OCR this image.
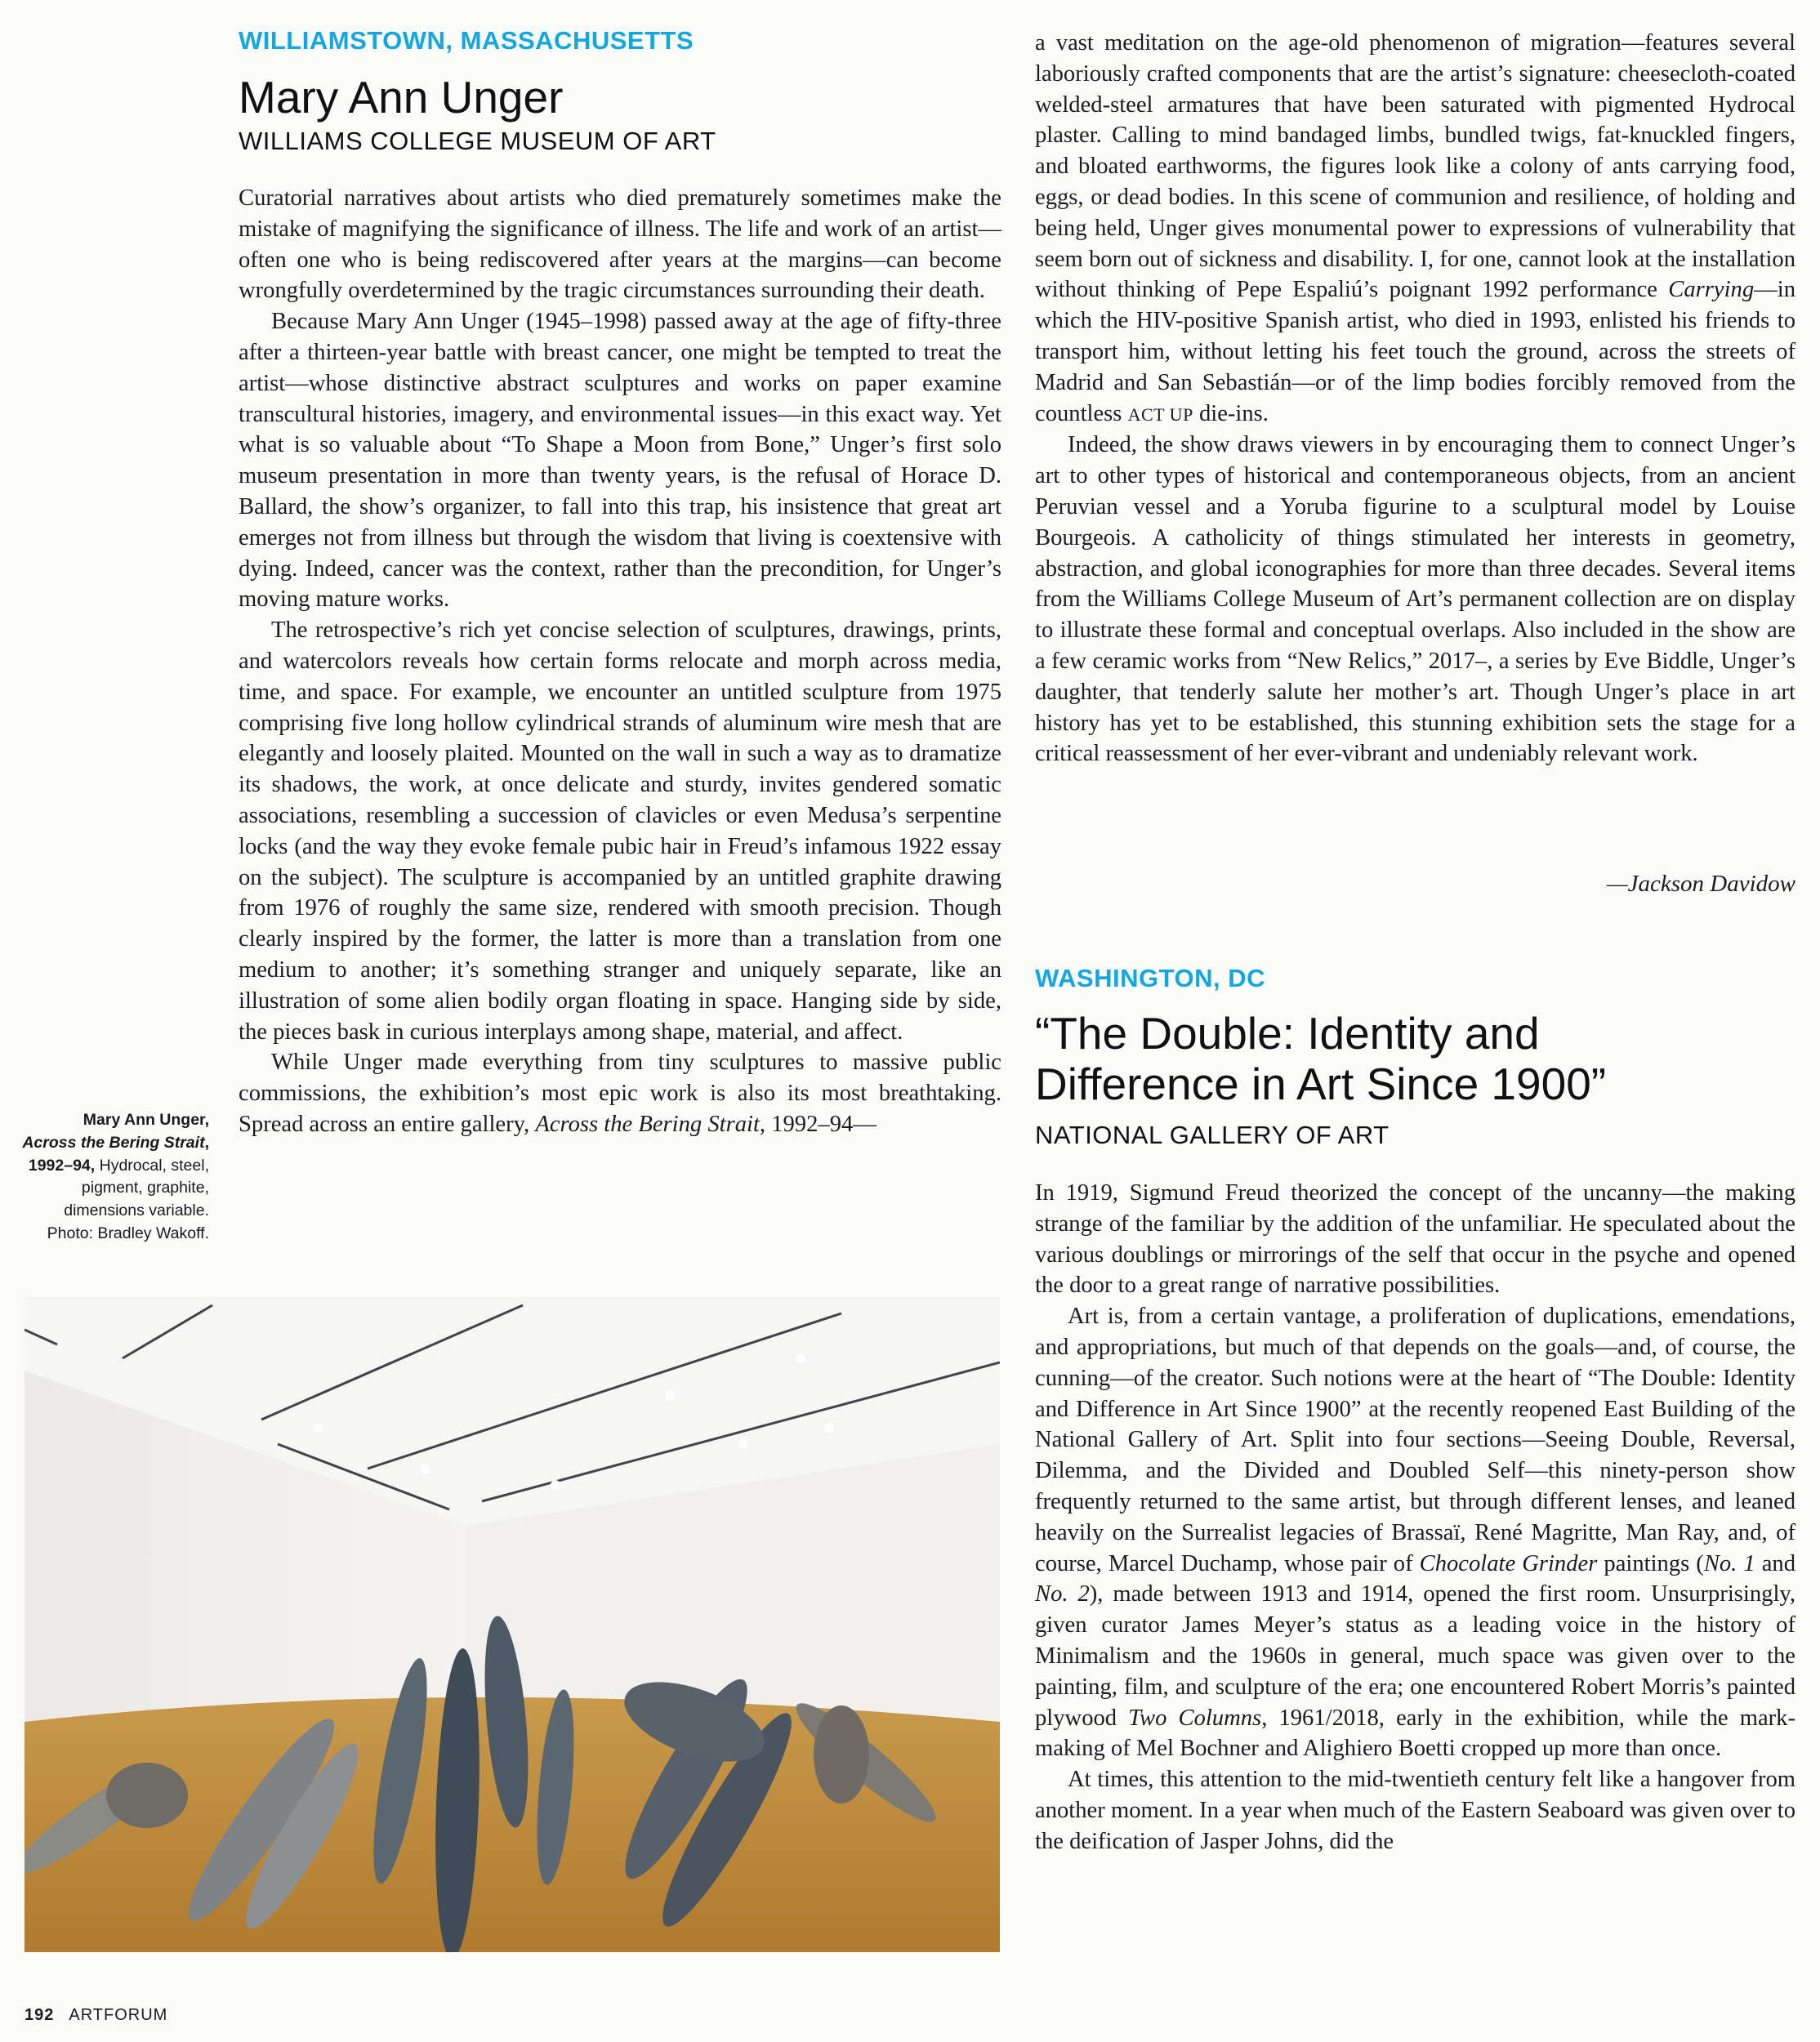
WILLIAMSTOWN, MASSACHUSETTS
Mary Ann Unger
WILLIAMS COLLEGE MUSEUM OF ART

Curatorial narratives about artists who died prematurely sometimes make the mistake of magnifying the significance of illness. The life and work of an artist—often one who is being rediscovered after years at the margins—can become wrongfully overdetermined by the tragic circumstances surrounding their death.

Because Mary Ann Unger (1945–1998) passed away at the age of fifty-three after a thirteen-year battle with breast cancer, one might be tempted to treat the artist—whose distinctive abstract sculptures and works on paper examine transcultural histories, imagery, and environmental issues—in this exact way. Yet what is so valuable about “To Shape a Moon from Bone,” Unger’s first solo museum presentation in more than twenty years, is the refusal of Horace D. Ballard, the show’s organizer, to fall into this trap, his insistence that great art emerges not from illness but through the wisdom that living is coextensive with dying. Indeed, cancer was the context, rather than the precondition, for Unger’s moving mature works.

The retrospective’s rich yet concise selection of sculptures, drawings, prints, and watercolors reveals how certain forms relocate and morph across media, time, and space. For example, we encounter an untitled sculpture from 1975 comprising five long hollow cylindrical strands of aluminum wire mesh that are elegantly and loosely plaited. Mounted on the wall in such a way as to dramatize its shadows, the work, at once delicate and sturdy, invites gendered somatic associations, resembling a succession of clavicles or even Medusa’s serpentine locks (and the way they evoke female pubic hair in Freud’s infamous 1922 essay on the subject). The sculpture is accompanied by an untitled graphite drawing from 1976 of roughly the same size, rendered with smooth precision. Though clearly inspired by the former, the latter is more than a translation from one medium to another; it’s something stranger and uniquely separate, like an illustration of some alien bodily organ floating in space. Hanging side by side, the pieces bask in curious interplays among shape, material, and affect.

While Unger made everything from tiny sculptures to massive public commissions, the exhibition’s most epic work is also its most breathtaking. Spread across an entire gallery, Across the Bering Strait, 1992–94—

Mary Ann Unger,
Across the Bering Strait, 1992–94, Hydrocal, steel, pigment, graphite, dimensions variable. Photo: Bradley Wakoff.

a vast meditation on the age-old phenomenon of migration—features several laboriously crafted components that are the artist’s signature: cheesecloth-coated welded-steel armatures that have been saturated with pigmented Hydrocal plaster. Calling to mind bandaged limbs, bundled twigs, fat-knuckled fingers, and bloated earthworms, the figures look like a colony of ants carrying food, eggs, or dead bodies. In this scene of communion and resilience, of holding and being held, Unger gives monumental power to expressions of vulnerability that seem born out of sickness and disability. I, for one, cannot look at the installation without thinking of Pepe Espaliú’s poignant 1992 performance Carrying—in which the HIV-positive Spanish artist, who died in 1993, enlisted his friends to transport him, without letting his feet touch the ground, across the streets of Madrid and San Sebastián—or of the limp bodies forcibly removed from the countless ACT UP die-ins.

Indeed, the show draws viewers in by encouraging them to connect Unger’s art to other types of historical and contemporaneous objects, from an ancient Peruvian vessel and a Yoruba figurine to a sculptural model by Louise Bourgeois. A catholicity of things stimulated her interests in geometry, abstraction, and global iconographies for more than three decades. Several items from the Williams College Museum of Art’s permanent collection are on display to illustrate these formal and conceptual overlaps. Also included in the show are a few ceramic works from “New Relics,” 2017–, a series by Eve Biddle, Unger’s daughter, that tenderly salute her mother’s art. Though Unger’s place in art history has yet to be established, this stunning exhibition sets the stage for a critical reassessment of her ever-vibrant and undeniably relevant work.

—Jackson Davidow
WASHINGTON, DC
“The Double: Identity and Difference in Art Since 1900”
NATIONAL GALLERY OF ART

In 1919, Sigmund Freud theorized the concept of the uncanny—the making strange of the familiar by the addition of the unfamiliar. He speculated about the various doublings or mirrorings of the self that occur in the psyche and opened the door to a great range of narrative possibilities.

Art is, from a certain vantage, a proliferation of duplications, emendations, and appropriations, but much of that depends on the goals—and, of course, the cunning—of the creator. Such notions were at the heart of “The Double: Identity and Difference in Art Since 1900” at the recently reopened East Building of the National Gallery of Art. Split into four sections—Seeing Double, Reversal, Dilemma, and the Divided and Doubled Self—this ninety-person show frequently returned to the same artist, but through different lenses, and leaned heavily on the Surrealist legacies of Brassaï, René Magritte, Man Ray, and, of course, Marcel Duchamp, whose pair of Chocolate Grinder paintings (No. 1 and No. 2), made between 1913 and 1914, opened the first room. Unsurprisingly, given curator James Meyer’s status as a leading voice in the history of Minimalism and the 1960s in general, much space was given over to the painting, film, and sculpture of the era; one encountered Robert Morris’s painted plywood Two Columns, 1961/2018, early in the exhibition, while the mark-making of Mel Bochner and Alighiero Boetti cropped up more than once.

At times, this attention to the mid-twentieth century felt like a hangover from another moment. In a year when much of the Eastern Seaboard was given over to the deification of Jasper Johns, did the

192 ARTFORUM
